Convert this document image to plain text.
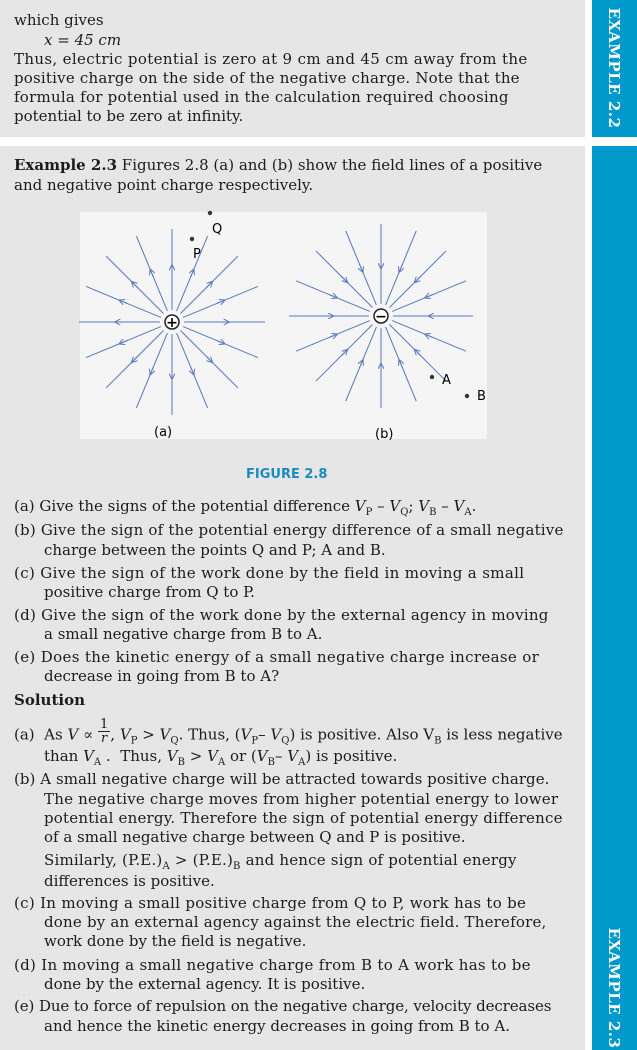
EXAMPLE 2.2
EXAMPLE 2.3
which gives
x = 45 cm
Thus, electric potential is zero at 9 cm and 45 cm away from the
positive charge on the side of the negative charge. Note that the
formula for potential used in the calculation required choosing
potential to be zero at infinity.
Example 2.3 Figures 2.8 (a) and (b) show the field lines of a positive
and negative point charge respectively.
+	−
P
Q
A
B
(a)	(b)
FIGURE 2.8
(a) Give the signs of the potential difference $V_P - V_Q$; $V_B - V_A$.
(b) Give the sign of the potential energy difference of a small negative
charge between the points Q and P; A and B.
(c) Give the sign of the work done by the field in moving a small
positive charge from Q to P.
(d) Give the sign of the work done by the external agency in moving
a small negative charge from B to A.
(e) Does the kinetic energy of a small negative charge increase or
decrease in going from B to A?
Solution
(a)  As $V \propto \frac{1}{r}$ , $V_P > V_Q$. Thus, ($V_P-$ $V_Q$) is positive. Also $V_B$ is less negative
than $V_A$ .  Thus, $V_B > V_A$ or ($V_B-$ $V_A$) is positive.
(b) A small negative charge will be attracted towards positive charge.
The negative charge moves from higher potential energy to lower
potential energy. Therefore the sign of potential energy difference
of a small negative charge between Q and P is positive.
Similarly, $(P.E.)_A > (P.E.)_B$ and hence sign of potential energy
differences is positive.
(c) In moving a small positive charge from Q to P, work has to be
done by an external agency against the electric field. Therefore,
work done by the field is negative.
(d) In moving a small negative charge from B to A work has to be
done by the external agency. It is positive.
(e) Due to force of repulsion on the negative charge, velocity decreases
and hence the kinetic energy decreases in going from B to A.
